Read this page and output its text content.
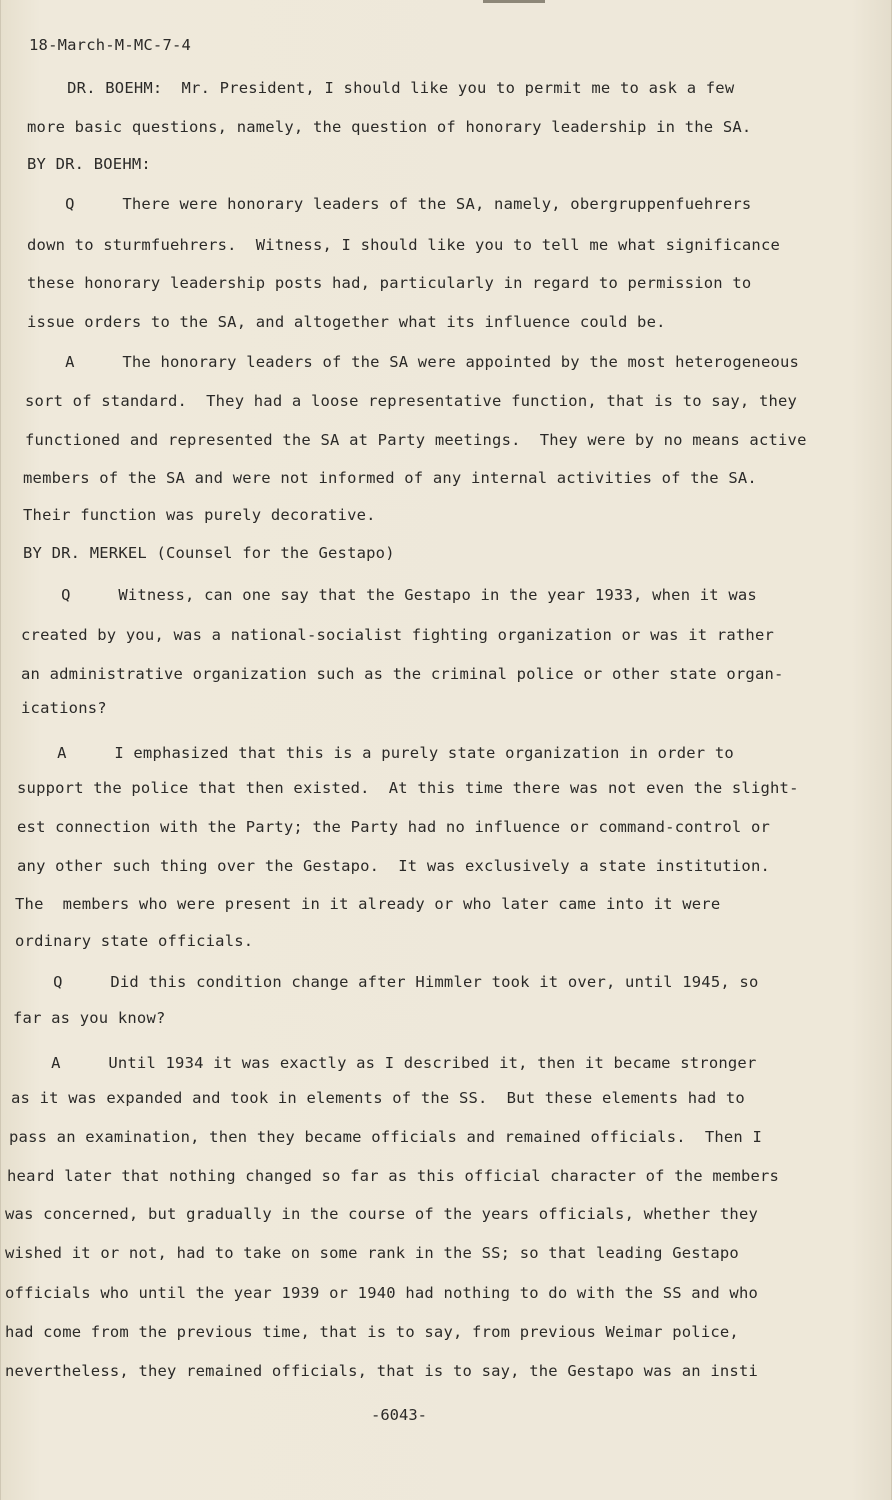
18-March-M-MC-7-4
DR. BOEHM:  Mr. President, I should like you to permit me to ask a few
more basic questions, namely, the question of honorary leadership in the SA.
BY DR. BOEHM:
Q     There were honorary leaders of the SA, namely, obergruppenfuehrers
down to sturmfuehrers.  Witness, I should like you to tell me what significance
these honorary leadership posts had, particularly in regard to permission to
issue orders to the SA, and altogether what its influence could be.
A     The honorary leaders of the SA were appointed by the most heterogeneous
sort of standard.  They had a loose representative function, that is to say, they
functioned and represented the SA at Party meetings.  They were by no means active
members of the SA and were not informed of any internal activities of the SA.
Their function was purely decorative.
BY DR. MERKEL (Counsel for the Gestapo)
Q     Witness, can one say that the Gestapo in the year 1933, when it was
created by you, was a national-socialist fighting organization or was it rather
an administrative organization such as the criminal police or other state organ-
ications?
A     I emphasized that this is a purely state organization in order to
support the police that then existed.  At this time there was not even the slight-
est connection with the Party; the Party had no influence or command-control or
any other such thing over the Gestapo.  It was exclusively a state institution.
The  members who were present in it already or who later came into it were
ordinary state officials.
Q     Did this condition change after Himmler took it over, until 1945, so
far as you know?
A     Until 1934 it was exactly as I described it, then it became stronger
as it was expanded and took in elements of the SS.  But these elements had to
pass an examination, then they became officials and remained officials.  Then I
heard later that nothing changed so far as this official character of the members
was concerned, but gradually in the course of the years officials, whether they
wished it or not, had to take on some rank in the SS; so that leading Gestapo
officials who until the year 1939 or 1940 had nothing to do with the SS and who
had come from the previous time, that is to say, from previous Weimar police,
nevertheless, they remained officials, that is to say, the Gestapo was an insti
-6043-
